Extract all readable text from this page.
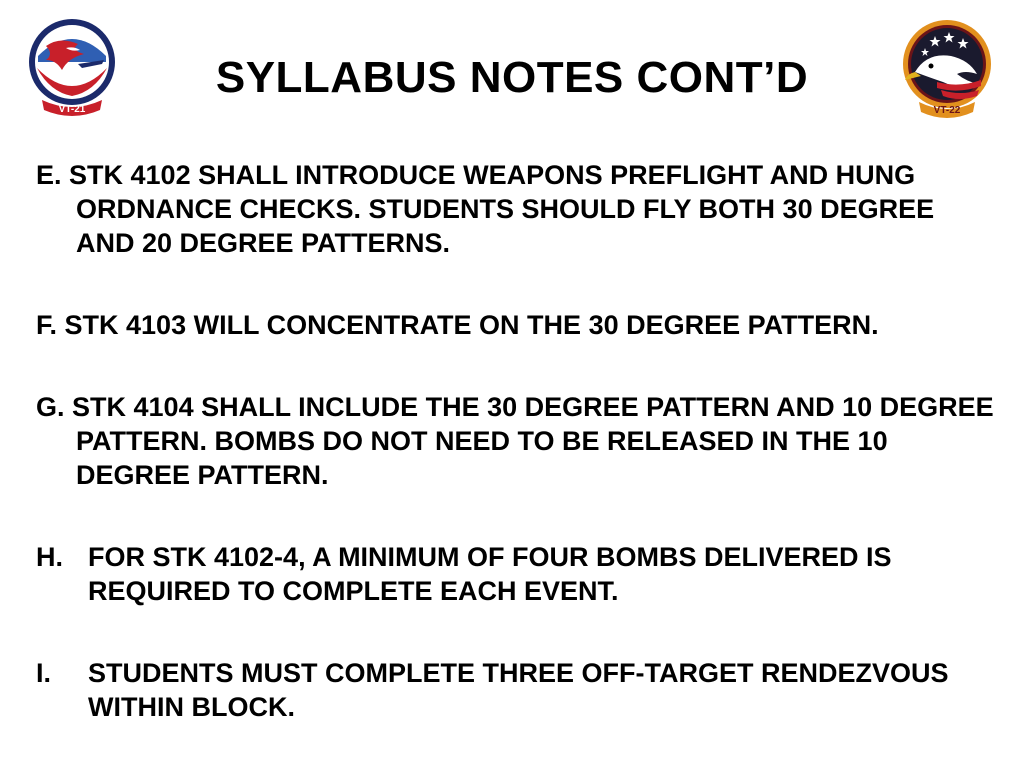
VT-21
SYLLABUS NOTES CONT’D
VT-22
E. STK 4102 SHALL INTRODUCE WEAPONS PREFLIGHT AND HUNG ORDNANCE CHECKS. STUDENTS SHOULD FLY BOTH 30 DEGREE AND 20 DEGREE PATTERNS.
F. STK 4103 WILL CONCENTRATE ON THE 30 DEGREE PATTERN.
G. STK 4104 SHALL INCLUDE THE 30 DEGREE PATTERN AND 10 DEGREE PATTERN. BOMBS DO NOT NEED TO BE RELEASED IN THE 10 DEGREE PATTERN.
H. FOR STK 4102-4, A MINIMUM OF FOUR BOMBS DELIVERED IS REQUIRED TO COMPLETE EACH EVENT.
I.	STUDENTS MUST COMPLETE THREE OFF-TARGET RENDEZVOUS WITHIN BLOCK.
